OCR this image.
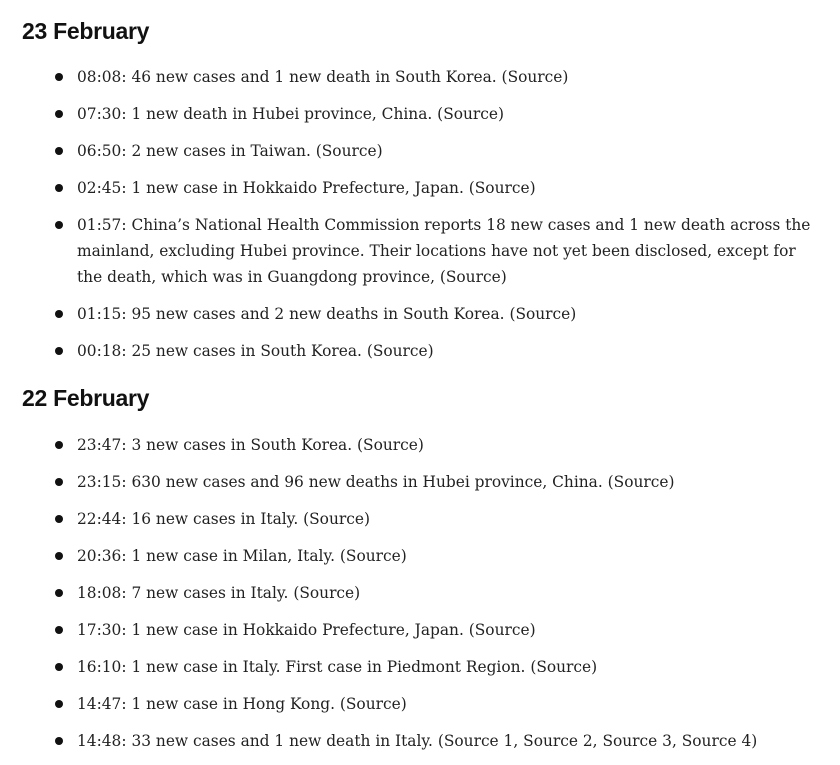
23 February
08:08: 46 new cases and 1 new death in South Korea. (Source)
07:30: 1 new death in Hubei province, China. (Source)
06:50: 2 new cases in Taiwan. (Source)
02:45: 1 new case in Hokkaido Prefecture, Japan. (Source)
01:57: China’s National Health Commission reports 18 new cases and 1 new death across the mainland, excluding Hubei province. Their locations have not yet been disclosed, except for the death, which was in Guangdong province, (Source)
01:15: 95 new cases and 2 new deaths in South Korea. (Source)
00:18: 25 new cases in South Korea. (Source)
22 February
23:47: 3 new cases in South Korea. (Source)
23:15: 630 new cases and 96 new deaths in Hubei province, China. (Source)
22:44: 16 new cases in Italy. (Source)
20:36: 1 new case in Milan, Italy. (Source)
18:08: 7 new cases in Italy. (Source)
17:30: 1 new case in Hokkaido Prefecture, Japan. (Source)
16:10: 1 new case in Italy. First case in Piedmont Region. (Source)
14:47: 1 new case in Hong Kong. (Source)
14:48: 33 new cases and 1 new death in Italy. (Source 1, Source 2, Source 3, Source 4)
